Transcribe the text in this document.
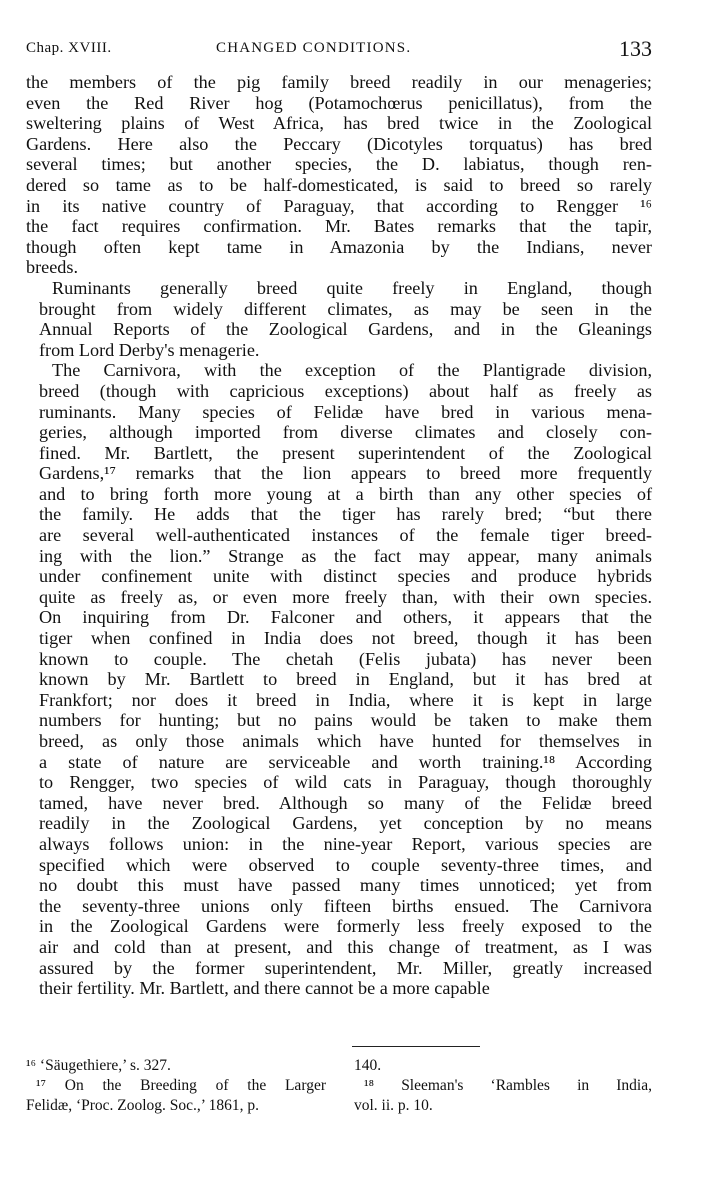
Chap. XVIII.	CHANGED CONDITIONS.	133

the members of the pig family breed readily in our menageries;
even the Red River hog (Potamochœrus penicillatus), from the
sweltering plains of West Africa, has bred twice in the Zoological
Gardens. Here also the Peccary (Dicotyles torquatus) has bred
several times; but another species, the D. labiatus, though ren-
dered so tame as to be half-domesticated, is said to breed so rarely
in its native country of Paraguay, that according to Rengger ¹⁶
the fact requires confirmation. Mr. Bates remarks that the tapir,
though often kept tame in Amazonia by the Indians, never
breeds.

Ruminants generally breed quite freely in England, though
brought from widely different climates, as may be seen in the
Annual Reports of the Zoological Gardens, and in the Gleanings
from Lord Derby's menagerie.

The Carnivora, with the exception of the Plantigrade division,
breed (though with capricious exceptions) about half as freely as
ruminants. Many species of Felidæ have bred in various mena-
geries, although imported from diverse climates and closely con-
fined. Mr. Bartlett, the present superintendent of the Zoological
Gardens,¹⁷ remarks that the lion appears to breed more frequently
and to bring forth more young at a birth than any other species of
the family. He adds that the tiger has rarely bred; “but there
are several well-authenticated instances of the female tiger breed-
ing with the lion.” Strange as the fact may appear, many animals
under confinement unite with distinct species and produce hybrids
quite as freely as, or even more freely than, with their own species.
On inquiring from Dr. Falconer and others, it appears that the
tiger when confined in India does not breed, though it has been
known to couple. The chetah (Felis jubata) has never been
known by Mr. Bartlett to breed in England, but it has bred at
Frankfort; nor does it breed in India, where it is kept in large
numbers for hunting; but no pains would be taken to make them
breed, as only those animals which have hunted for themselves in
a state of nature are serviceable and worth training.¹⁸ According
to Rengger, two species of wild cats in Paraguay, though thoroughly
tamed, have never bred. Although so many of the Felidæ breed
readily in the Zoological Gardens, yet conception by no means
always follows union: in the nine-year Report, various species are
specified which were observed to couple seventy-three times, and
no doubt this must have passed many times unnoticed; yet from
the seventy-three unions only fifteen births ensued. The Carnivora
in the Zoological Gardens were formerly less freely exposed to the
air and cold than at present, and this change of treatment, as I was
assured by the former superintendent, Mr. Miller, greatly increased
their fertility. Mr. Bartlett, and there cannot be a more capable

¹⁶ ‘Säugethiere,’ s. 327.
¹⁷ On the Breeding of the Larger
Felidæ, ‘Proc. Zoolog. Soc.,’ 1861, p.
140.
¹⁸ Sleeman's ‘Rambles in India,
vol. ii. p. 10.
